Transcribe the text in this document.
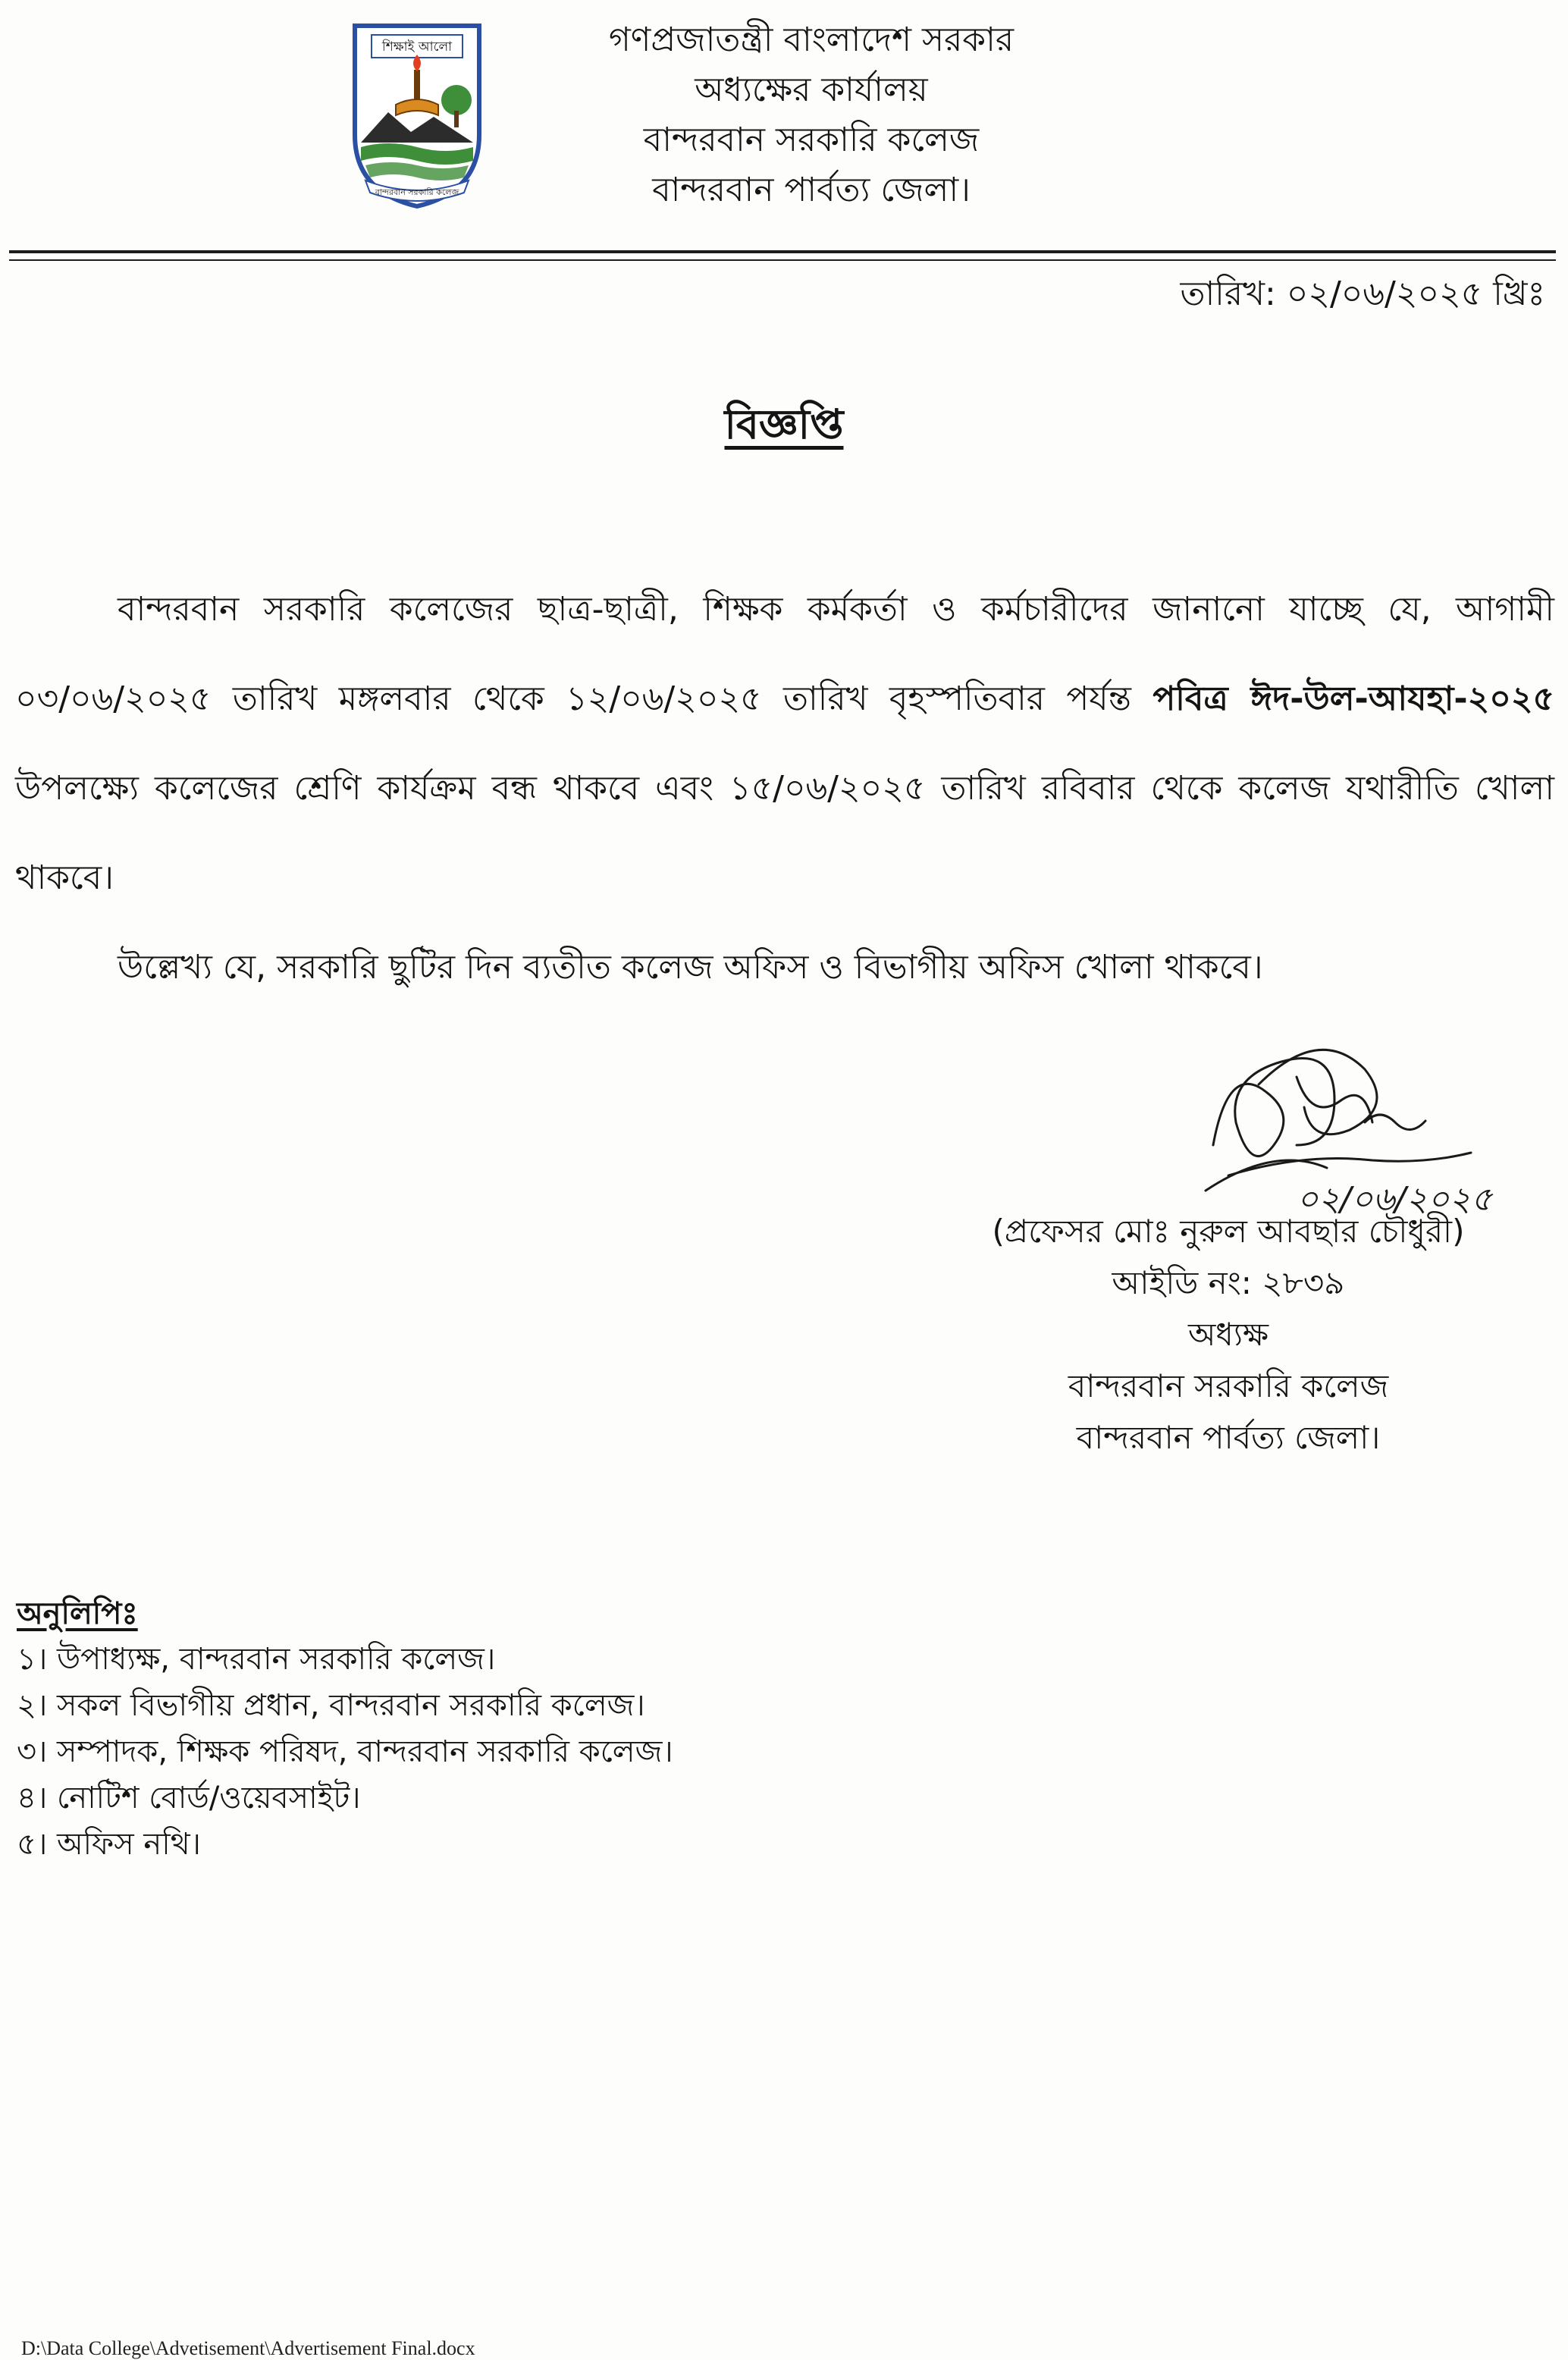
শিক্ষাই আলো
বান্দরবান সরকারি কলেজ

গণপ্রজাতন্ত্রী বাংলাদেশ সরকার

অধ্যক্ষের কার্যালয়

বান্দরবান সরকারি কলেজ

বান্দরবান পার্বত্য জেলা।

তারিখ: ০২/০৬/২০২৫ খ্রিঃ
বিজ্ঞপ্তি

বান্দরবান সরকারি কলেজের ছাত্র-ছাত্রী, শিক্ষক কর্মকর্তা ও কর্মচারীদের জানানো যাচ্ছে যে, আগামী ০৩/০৬/২০২৫ তারিখ মঙ্গলবার থেকে ১২/০৬/২০২৫ তারিখ বৃহস্পতিবার পর্যন্ত পবিত্র ঈদ-উল-আযহা-২০২৫ উপলক্ষ্যে কলেজের শ্রেণি কার্যক্রম বন্ধ থাকবে এবং ১৫/০৬/২০২৫ তারিখ রবিবার থেকে কলেজ যথারীতি খোলা থাকবে।

উল্লেখ্য যে, সরকারি ছুটির দিন ব্যতীত কলেজ অফিস ও বিভাগীয় অফিস খোলা থাকবে।

০২/০৬/২০২৫

(প্রফেসর মোঃ নুরুল আবছার চৌধুরী)

আইডি নং: ২৮৩৯

অধ্যক্ষ

বান্দরবান সরকারি কলেজ

বান্দরবান পার্বত্য জেলা।

অনুলিপিঃ

১। উপাধ্যক্ষ, বান্দরবান সরকারি কলেজ।

২। সকল বিভাগীয় প্রধান, বান্দরবান সরকারি কলেজ।

৩। সম্পাদক, শিক্ষক পরিষদ, বান্দরবান সরকারি কলেজ।

৪। নোটিশ বোর্ড/ওয়েবসাইট।

৫। অফিস নথি।

D:\Data College\Advetisement\Advertisement Final.docx
